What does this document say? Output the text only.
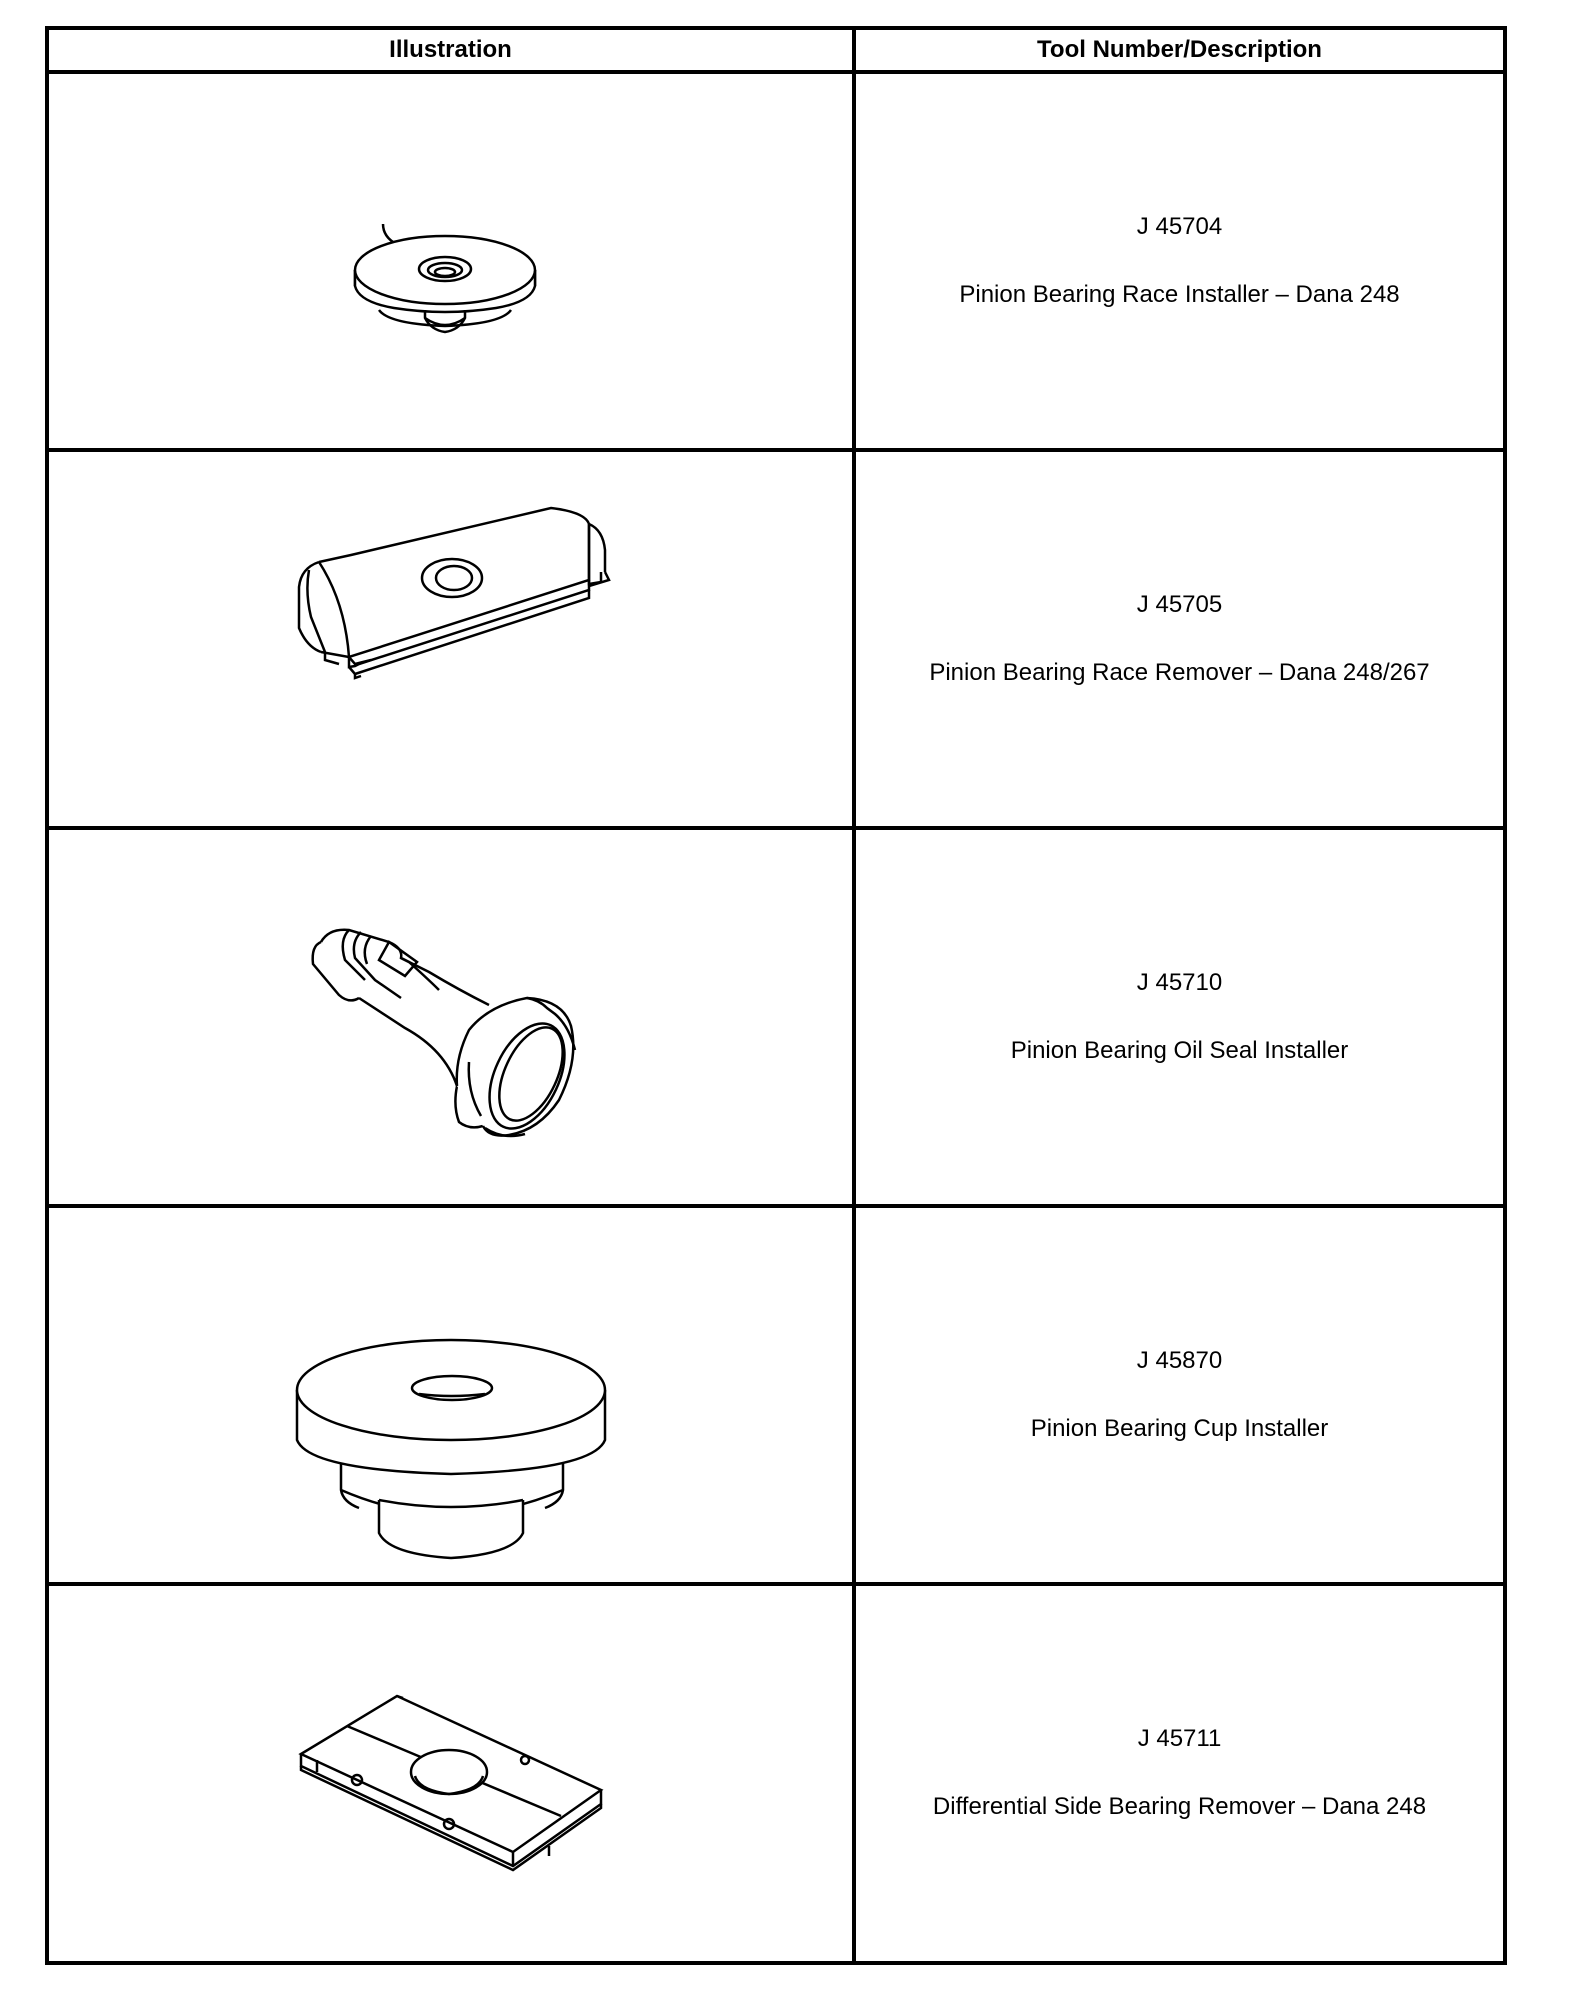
Illustration	Tool Number/Description
J 45704
Pinion Bearing Race Installer – Dana 248
J 45705
Pinion Bearing Race Remover – Dana 248/267
J 45710
Pinion Bearing Oil Seal Installer
J 45870
Pinion Bearing Cup Installer
J 45711
Differential Side Bearing Remover – Dana 248
